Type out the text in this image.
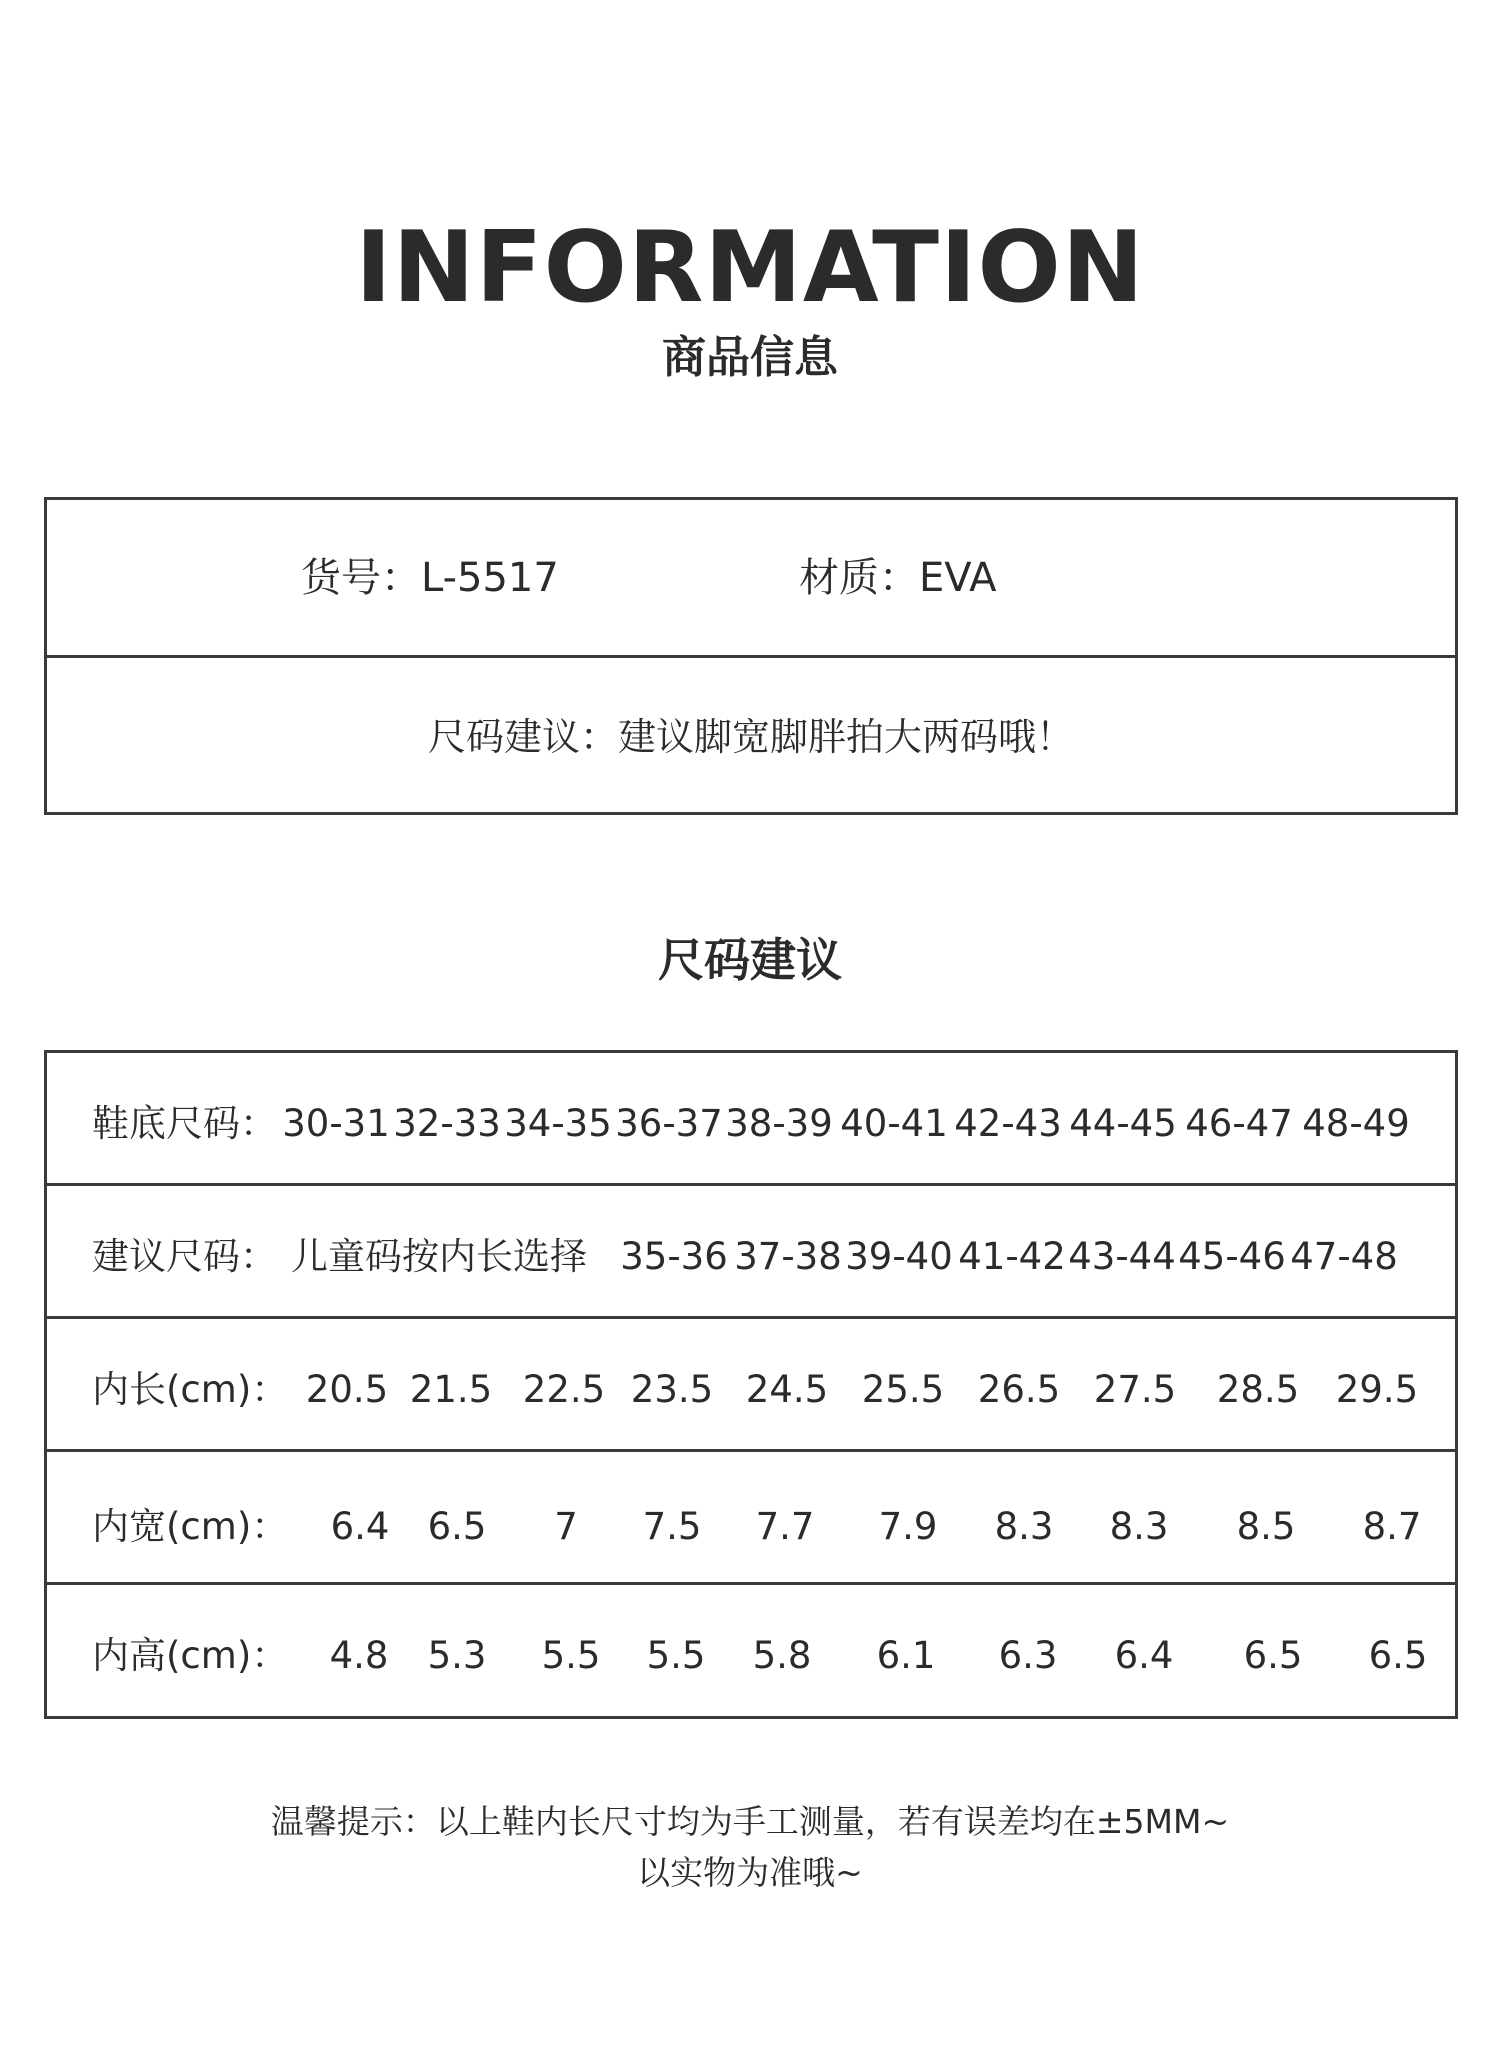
INFORMATION
商品信息
货号：L-5517	材质：EVA
尺码建议：建议脚宽脚胖拍大两码哦！
尺码建议
鞋底尺码： 30-31 32-33 34-35 36-37 38-39 40-41 42-43 44-45 46-47 48-49
建议尺码： 儿童码按内长选择 35-36 37-38 39-40 41-42 43-44 45-46 47-48
内长(cm)： 20.5 21.5 22.5 23.5 24.5 25.5 26.5 27.5 28.5 29.5
内宽(cm)： 6.4 6.5 7 7.5 7.7 7.9 8.3 8.3 8.5 8.7
内高(cm)： 4.8 5.3 5.5 5.5 5.8 6.1 6.3 6.4 6.5 6.5
温馨提示：以上鞋内长尺寸均为手工测量，若有误差均在±5MM~
以实物为准哦~
